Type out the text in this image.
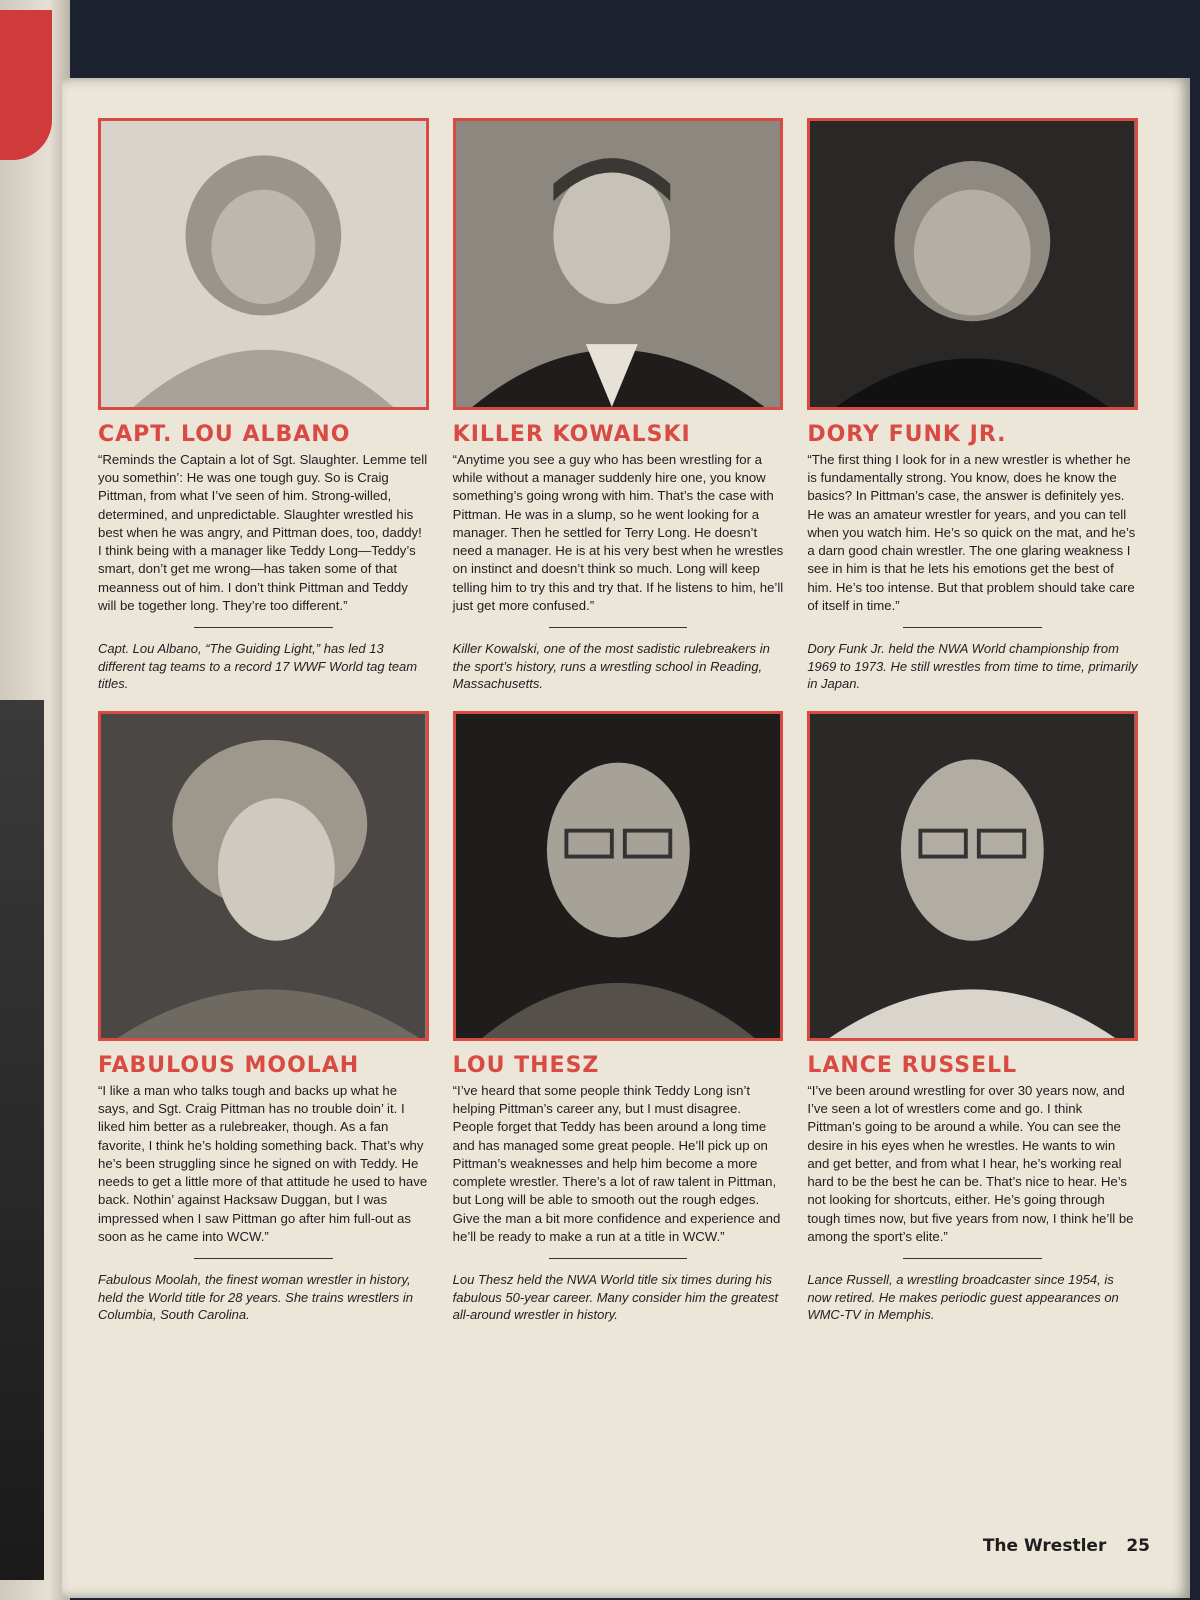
CAPT. LOU ALBANO

“Reminds the Captain a lot of Sgt. Slaughter. Lemme tell you somethin’: He was one tough guy. So is Craig Pittman, from what I’ve seen of him. Strong-willed, determined, and unpredictable. Slaughter wrestled his best when he was angry, and Pittman does, too, daddy! I think being with a manager like Teddy Long—Teddy’s smart, don’t get me wrong—has taken some of that meanness out of him. I don’t think Pittman and Teddy will be together long. They’re too different.”

Capt. Lou Albano, “The Guiding Light,” has led 13 different tag teams to a record 17 WWF World tag team titles.

KILLER KOWALSKI

“Anytime you see a guy who has been wrestling for a while without a manager suddenly hire one, you know something’s going wrong with him. That’s the case with Pittman. He was in a slump, so he went looking for a manager. Then he settled for Terry Long. He doesn’t need a manager. He is at his very best when he wrestles on instinct and doesn’t think so much. Long will keep telling him to try this and try that. If he listens to him, he’ll just get more confused.”

Killer Kowalski, one of the most sadistic rulebreakers in the sport’s history, runs a wrestling school in Reading, Massachusetts.

DORY FUNK JR.

“The first thing I look for in a new wrestler is whether he is fundamentally strong. You know, does he know the basics? In Pittman’s case, the answer is definitely yes. He was an amateur wrestler for years, and you can tell when you watch him. He’s so quick on the mat, and he’s a darn good chain wrestler. The one glaring weakness I see in him is that he lets his emotions get the best of him. He’s too intense. But that problem should take care of itself in time.”

Dory Funk Jr. held the NWA World championship from 1969 to 1973. He still wrestles from time to time, primarily in Japan.

FABULOUS MOOLAH

“I like a man who talks tough and backs up what he says, and Sgt. Craig Pittman has no trouble doin’ it. I liked him better as a rulebreaker, though. As a fan favorite, I think he’s holding something back. That’s why he’s been struggling since he signed on with Teddy. He needs to get a little more of that attitude he used to have back. Nothin’ against Hacksaw Duggan, but I was impressed when I saw Pittman go after him full-out as soon as he came into WCW.”

Fabulous Moolah, the finest woman wrestler in history, held the World title for 28 years. She trains wrestlers in Columbia, South Carolina.

LOU THESZ

“I’ve heard that some people think Teddy Long isn’t helping Pittman’s career any, but I must disagree. People forget that Teddy has been around a long time and has managed some great people. He’ll pick up on Pittman’s weaknesses and help him become a more complete wrestler. There’s a lot of raw talent in Pittman, but Long will be able to smooth out the rough edges. Give the man a bit more confidence and experience and he’ll be ready to make a run at a title in WCW.”

Lou Thesz held the NWA World title six times during his fabulous 50-year career. Many consider him the greatest all-around wrestler in history.

LANCE RUSSELL

“I’ve been around wrestling for over 30 years now, and I’ve seen a lot of wrestlers come and go. I think Pittman’s going to be around a while. You can see the desire in his eyes when he wrestles. He wants to win and get better, and from what I hear, he’s working real hard to be the best he can be. That’s nice to hear. He’s not looking for shortcuts, either. He’s going through tough times now, but five years from now, I think he’ll be among the sport’s elite.”

Lance Russell, a wrestling broadcaster since 1954, is now retired. He makes periodic guest appearances on WMC-TV in Memphis.

The Wrestler 25
